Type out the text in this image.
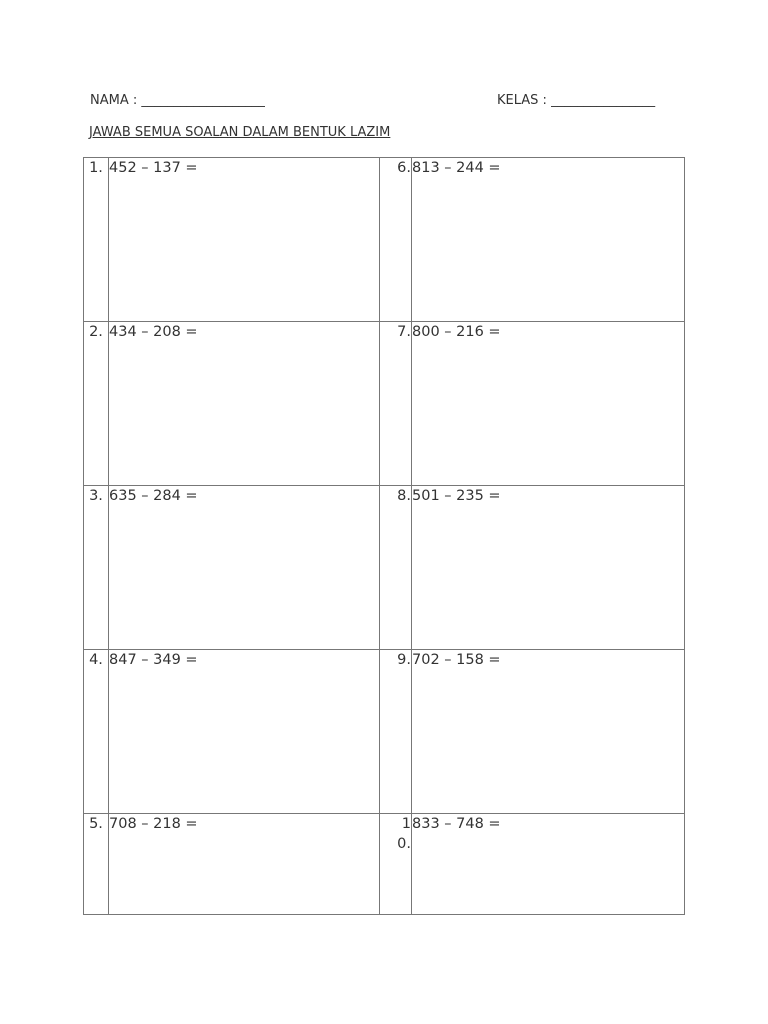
NAMA : ___________________	KELAS : ________________
JAWAB SEMUA SOALAN DALAM BENTUK LAZIM
1.	452 – 137 =	6.	813 – 244 =

2.	434 – 208 =	7.	800 – 216 =

3.	635 – 284 =	8.	501 – 235 =

4.	847 – 349 =	9.	702 – 158 =

5.	708 – 218 =	10.	833 – 748 =
